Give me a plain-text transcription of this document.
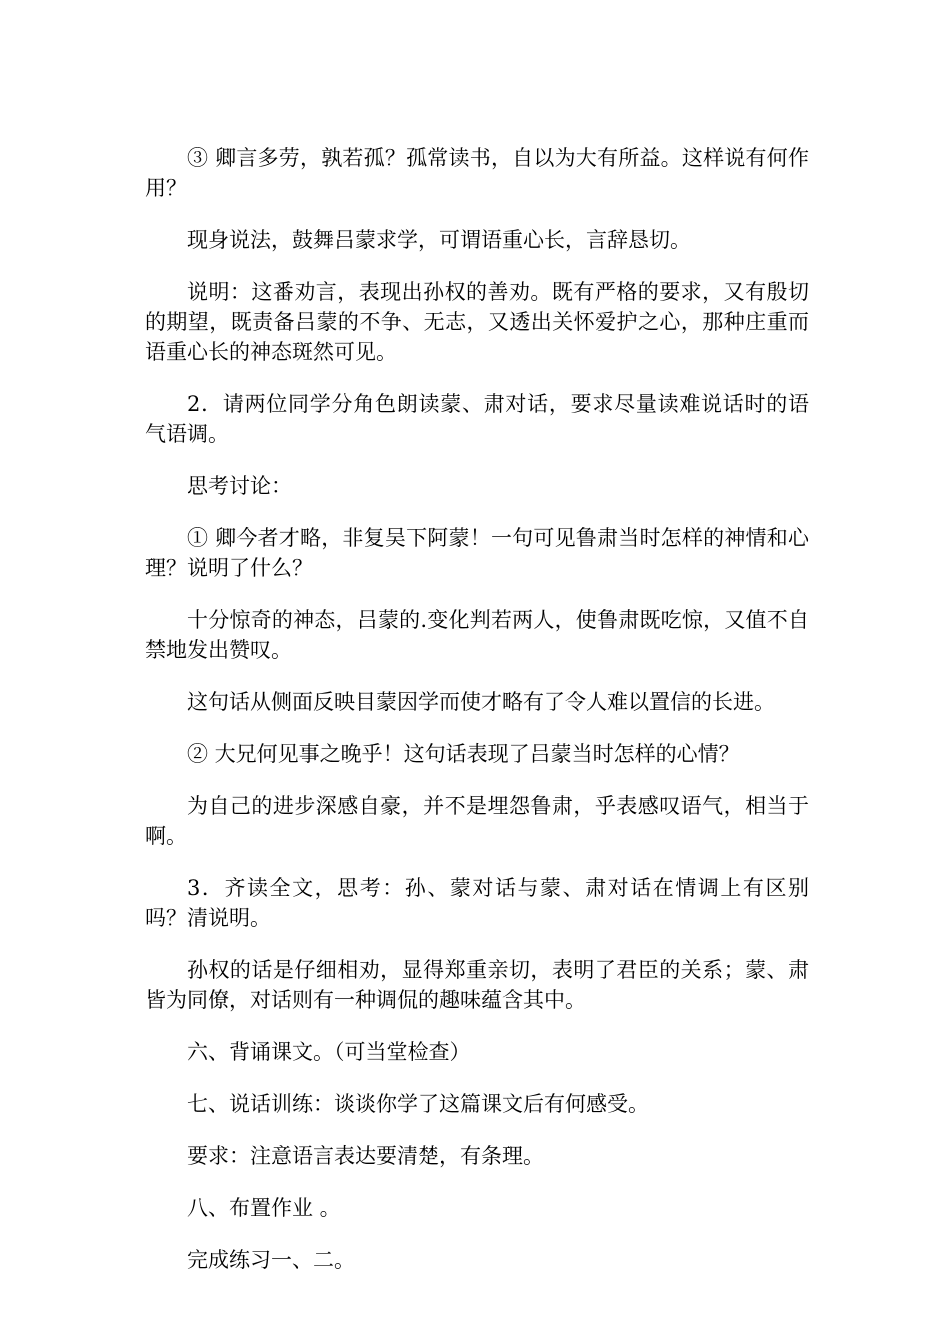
③ 卿言多劳，孰若孤？孤常读书，自以为大有所益。这样说有何作用？

现身说法，鼓舞吕蒙求学，可谓语重心长，言辞恳切。

说明：这番劝言，表现出孙权的善劝。既有严格的要求，又有殷切的期望，既责备吕蒙的不争、无志，又透出关怀爱护之心，那种庄重而语重心长的神态斑然可见。

2．请两位同学分角色朗读蒙、肃对话，要求尽量读难说话时的语气语调。

思考讨论：

① 卿今者才略，非复吴下阿蒙！一句可见鲁肃当时怎样的神情和心理？说明了什么？

十分惊奇的神态，吕蒙的.变化判若两人，使鲁肃既吃惊，又值不自禁地发出赞叹。

这句话从侧面反映目蒙因学而使才略有了令人难以置信的长进。

② 大兄何见事之晚乎！这句话表现了吕蒙当时怎样的心情？

为自己的进步深感自豪，并不是埋怨鲁肃，乎表感叹语气，相当于啊。

3．齐读全文，思考：孙、蒙对话与蒙、肃对话在情调上有区别吗？清说明。

孙权的话是仔细相劝，显得郑重亲切，表明了君臣的关系；蒙、肃皆为同僚，对话则有一种调侃的趣味蕴含其中。

六、背诵课文。（可当堂检查）

七、说话训练：谈谈你学了这篇课文后有何感受。

要求：注意语言表达要清楚，有条理。

八、布置作业 。

完成练习一、二。
